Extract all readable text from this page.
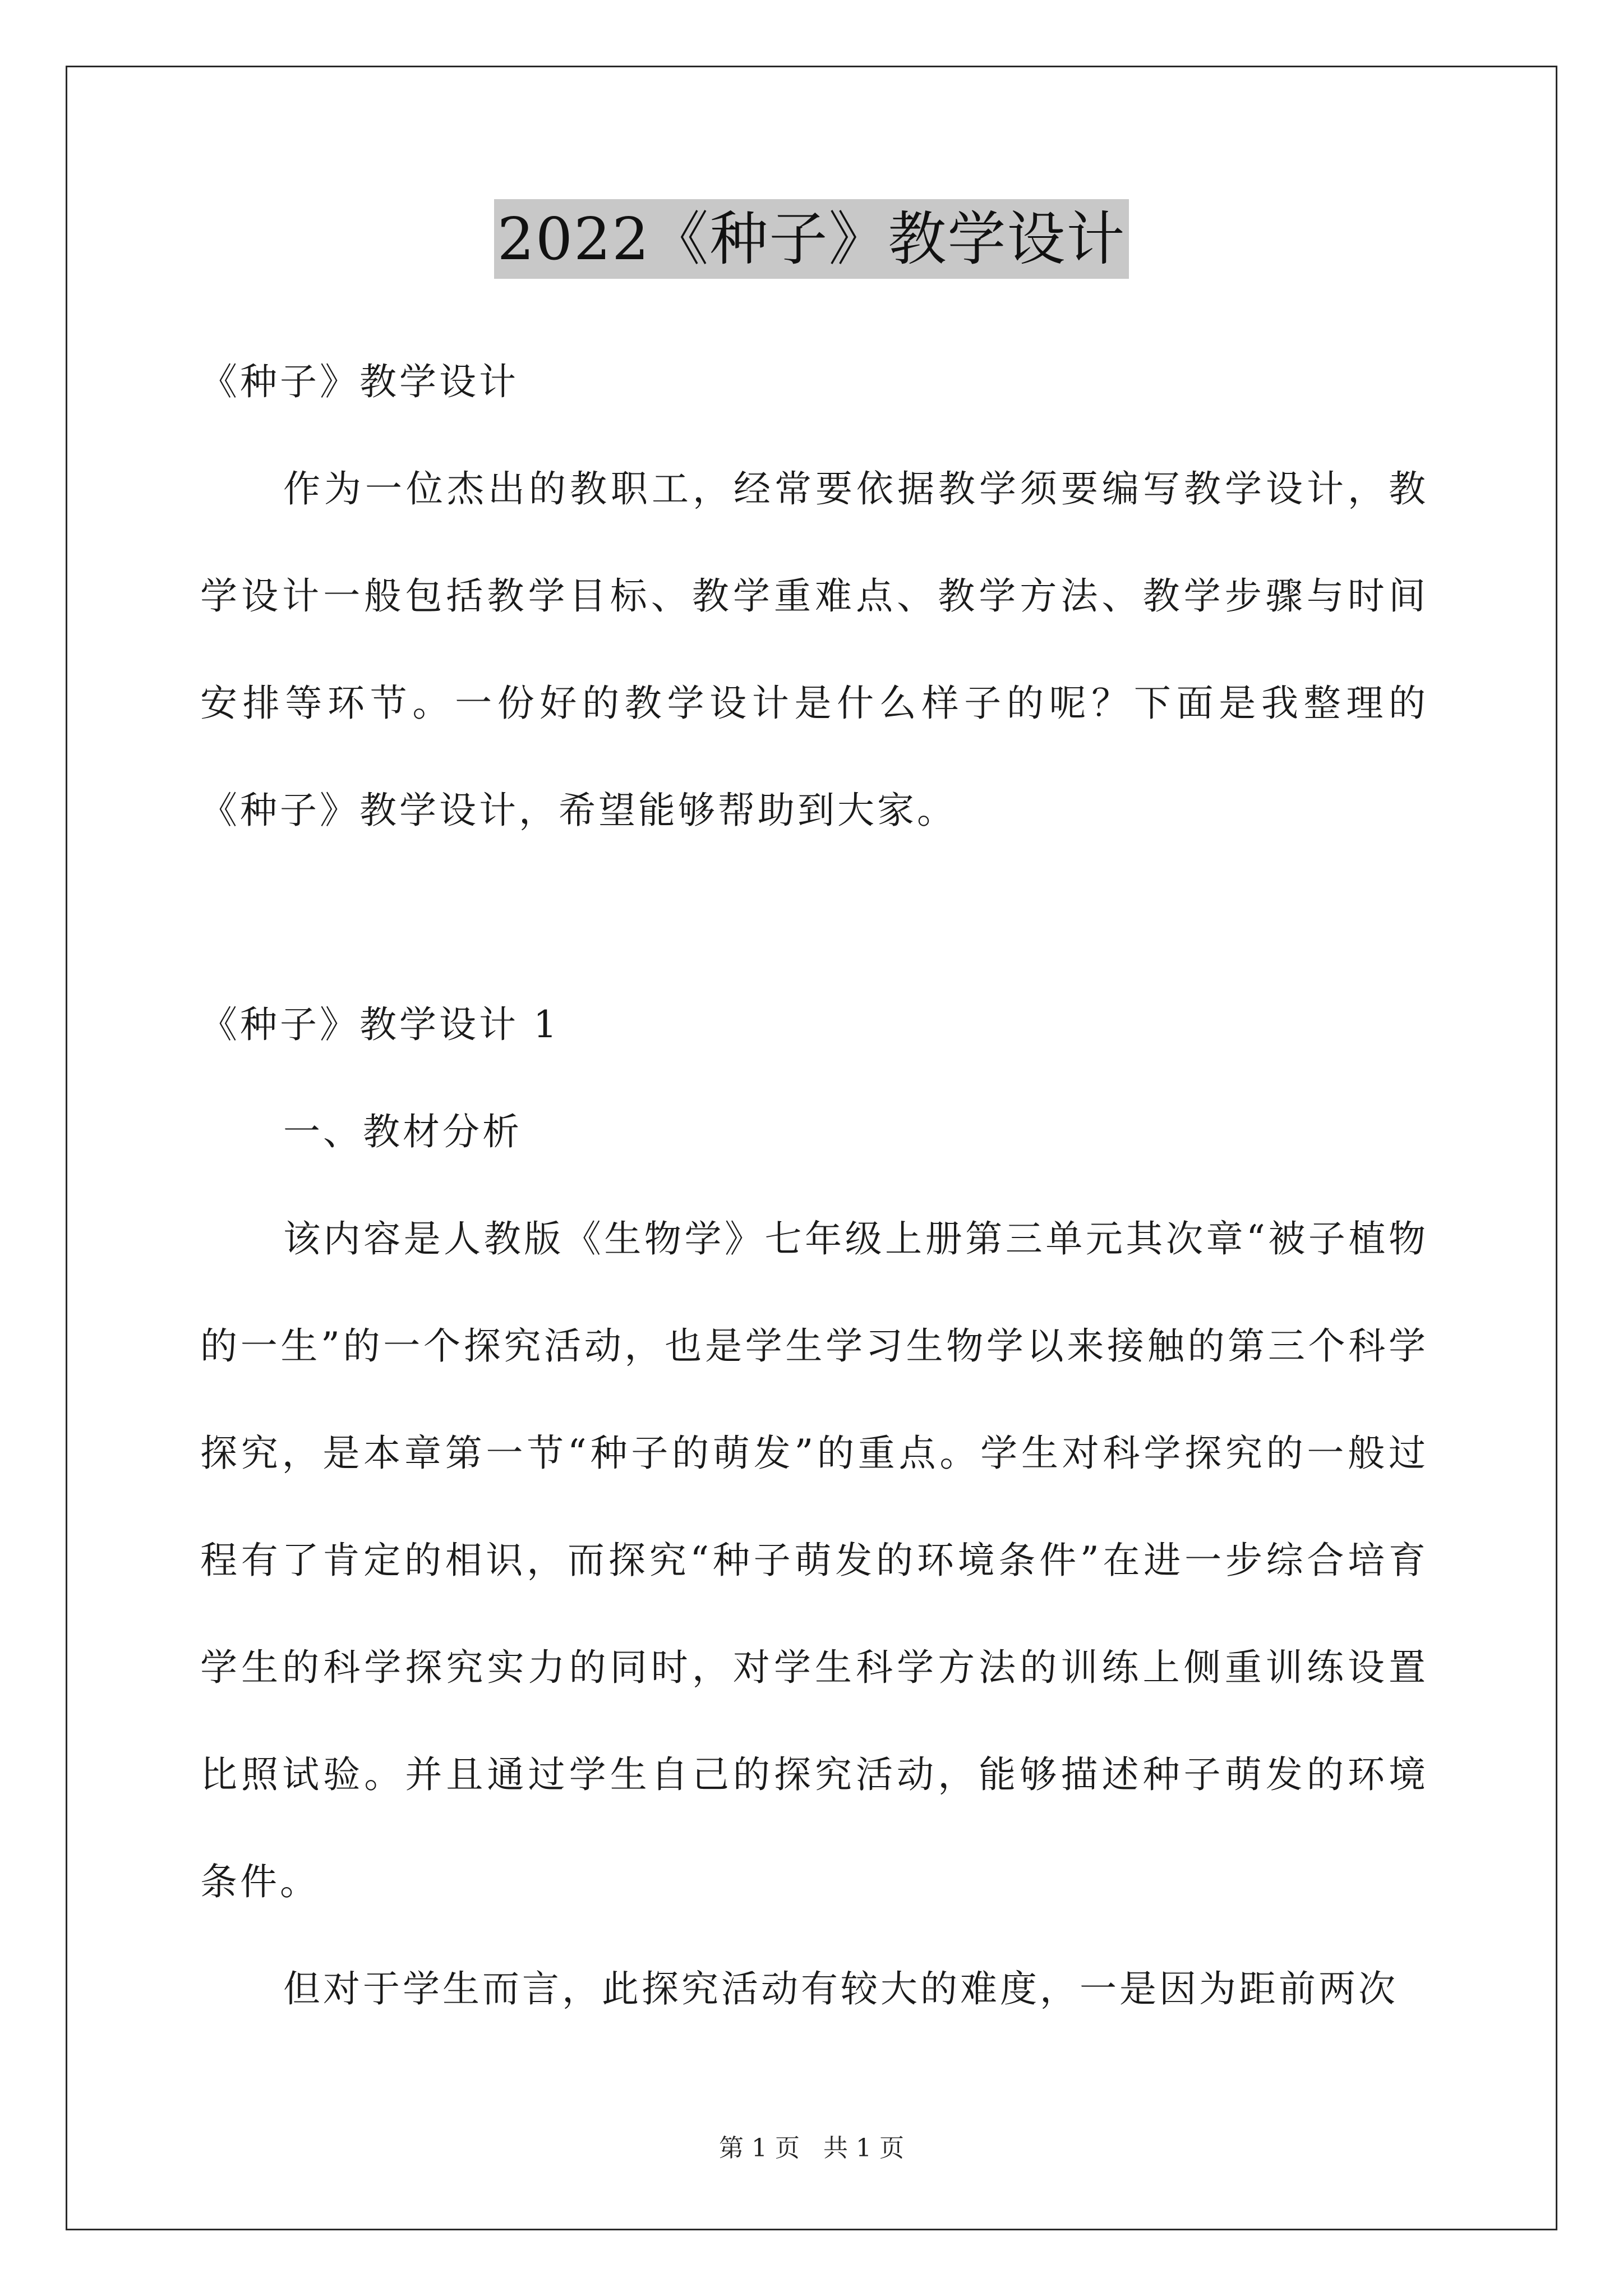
2022《种子》教学设计

《种子》教学设计

作为一位杰出的教职工，经常要依据教学须要编写教学设计，教学设计一般包括教学目标、教学重难点、教学方法、教学步骤与时间安排等环节。一份好的教学设计是什么样子的呢？下面是我整理的《种子》教学设计，希望能够帮助到大家。

《种子》教学设计 1

一、教材分析

该内容是人教版《生物学》七年级上册第三单元其次章“被子植物的一生”的一个探究活动，也是学生学习生物学以来接触的第三个科学探究，是本章第一节“种子的萌发”的重点。学生对科学探究的一般过程有了肯定的相识，而探究“种子萌发的环境条件”在进一步综合培育学生的科学探究实力的同时，对学生科学方法的训练上侧重训练设置比照试验。并且通过学生自己的探究活动，能够描述种子萌发的环境条件。

但对于学生而言，此探究活动有较大的难度，一是因为距前两次

第 1 页 共 1 页
